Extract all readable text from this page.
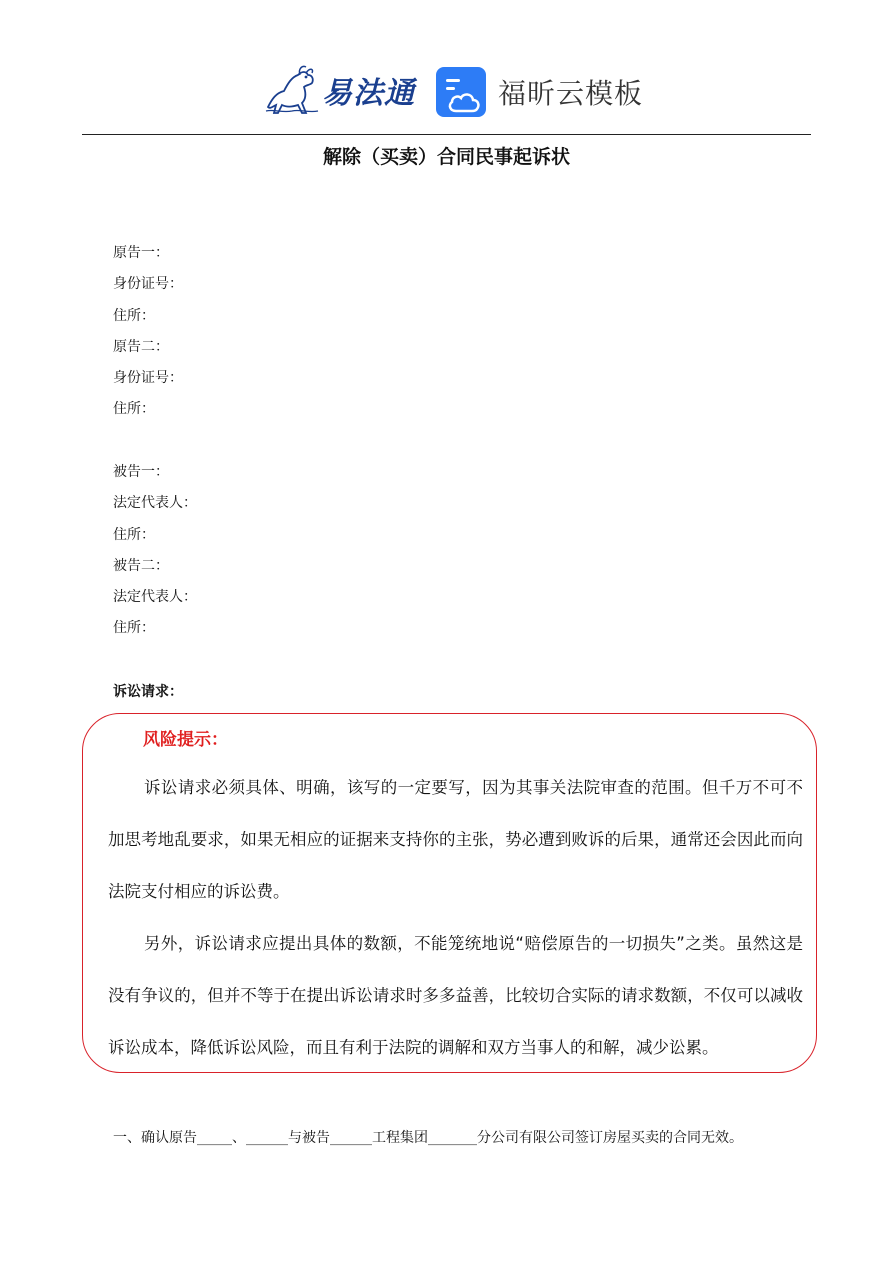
易法通	福昕云模板
解除（买卖）合同民事起诉状
原告一：
身份证号：
住所：
原告二：
身份证号：
住所：
被告一：
法定代表人：
住所：
被告二：
法定代表人：
住所：
诉讼请求：
风险提示：
诉讼请求必须具体、明确，该写的一定要写，因为其事关法院审查的范围。但千万不可不加思考地乱要求，如果无相应的证据来支持你的主张，势必遭到败诉的后果，通常还会因此而向法院支付相应的诉讼费。
另外，诉讼请求应提出具体的数额，不能笼统地说“赔偿原告的一切损失”之类。虽然这是没有争议的，但并不等于在提出诉讼请求时多多益善，比较切合实际的请求数额，不仅可以减收诉讼成本，降低诉讼风险，而且有利于法院的调解和双方当事人的和解，减少讼累。
一、确认原告_____、______与被告______工程集团_______分公司有限公司签订房屋买卖的合同无效。
